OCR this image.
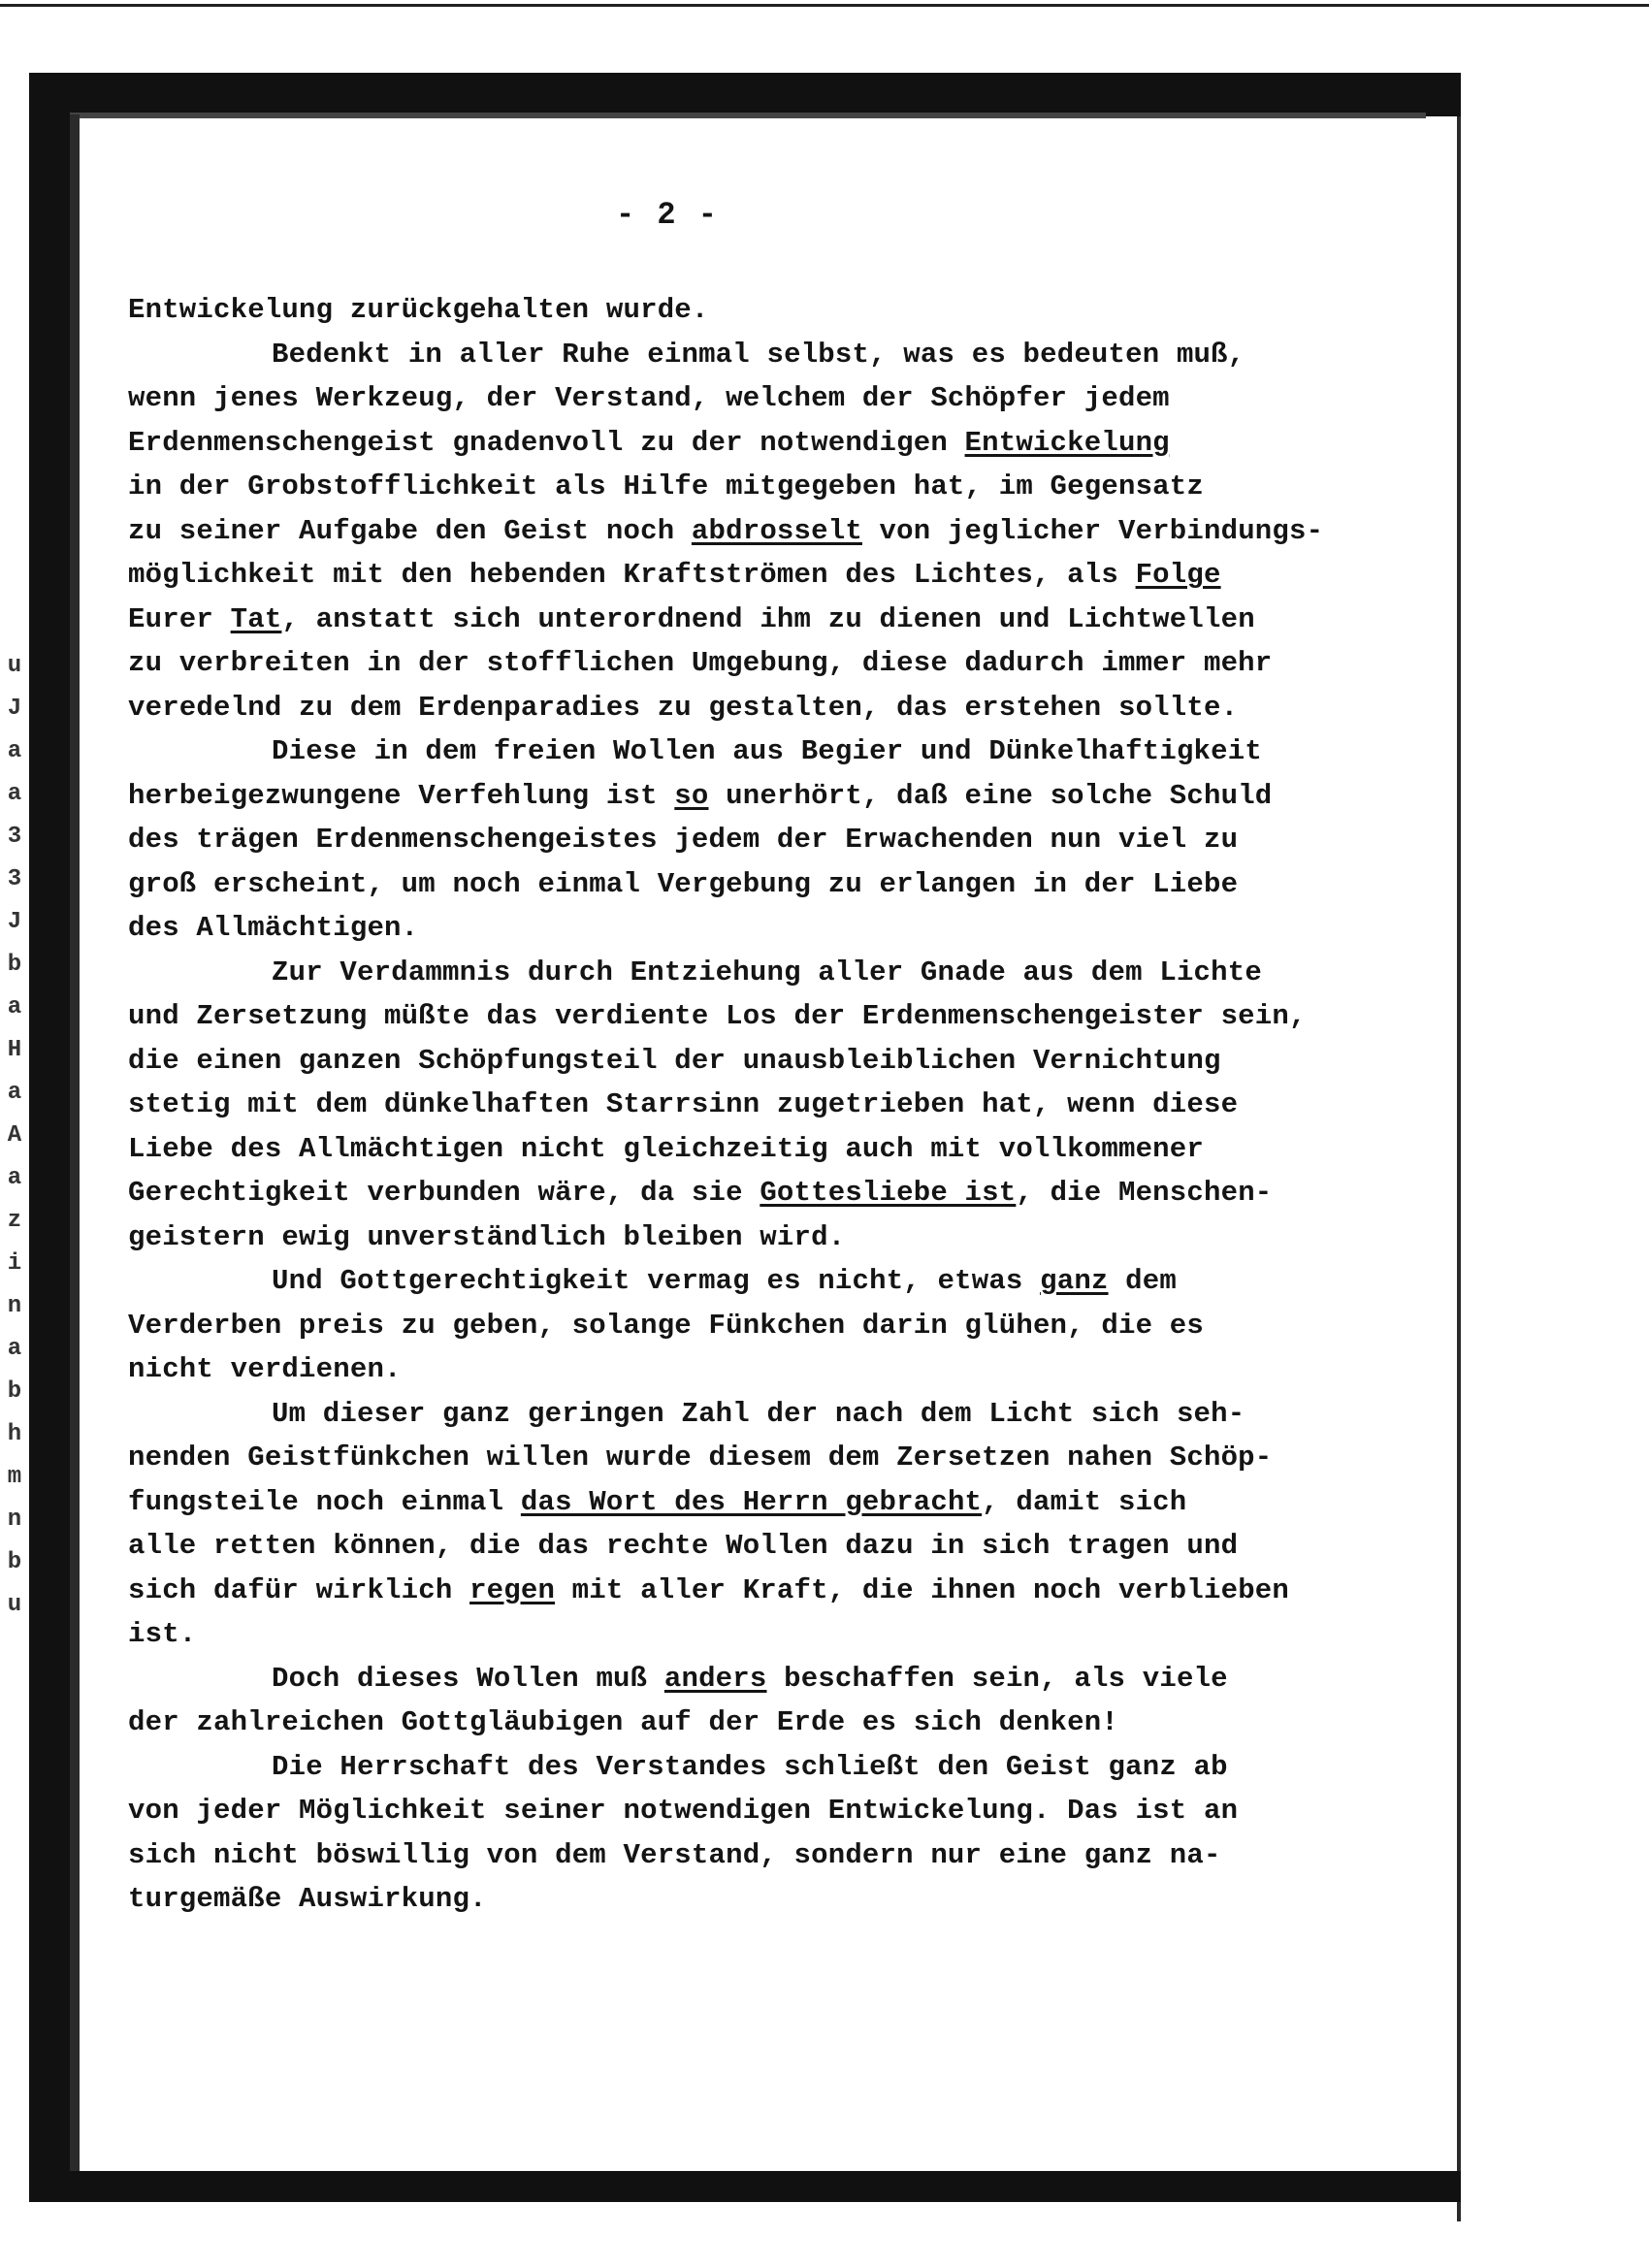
u
J
a
a
3
3
J
b
a
H
a
A
a
z
i
n
a
b
h
m
n
b
u
- 2 -
Entwickelung zurückgehalten wurde.
Bedenkt in aller Ruhe einmal selbst, was es bedeuten muß,
wenn jenes Werkzeug, der Verstand, welchem der Schöpfer jedem
Erdenmenschengeist gnadenvoll zu der notwendigen Entwickelung
in der Grobstofflichkeit als Hilfe mitgegeben hat, im Gegensatz
zu seiner Aufgabe den Geist noch abdrosselt von jeglicher Verbindungs-
möglichkeit mit den hebenden Kraftströmen des Lichtes, als Folge
Eurer Tat, anstatt sich unterordnend ihm zu dienen und Lichtwellen
zu verbreiten in der stofflichen Umgebung, diese dadurch immer mehr
veredelnd zu dem Erdenparadies zu gestalten, das erstehen sollte.
Diese in dem freien Wollen aus Begier und Dünkelhaftigkeit
herbeigezwungene Verfehlung ist so unerhört, daß eine solche Schuld
des trägen Erdenmenschengeistes jedem der Erwachenden nun viel zu
groß erscheint, um noch einmal Vergebung zu erlangen in der Liebe
des Allmächtigen.
Zur Verdammnis durch Entziehung aller Gnade aus dem Lichte
und Zersetzung müßte das verdiente Los der Erdenmenschengeister sein,
die einen ganzen Schöpfungsteil der unausbleiblichen Vernichtung
stetig mit dem dünkelhaften Starrsinn zugetrieben hat, wenn diese
Liebe des Allmächtigen nicht gleichzeitig auch mit vollkommener
Gerechtigkeit verbunden wäre, da sie Gottesliebe ist, die Menschen-
geistern ewig unverständlich bleiben wird.
Und Gottgerechtigkeit vermag es nicht, etwas ganz dem
Verderben preis zu geben, solange Fünkchen darin glühen, die es
nicht verdienen.
Um dieser ganz geringen Zahl der nach dem Licht sich seh-
nenden Geistfünkchen willen wurde diesem dem Zersetzen nahen Schöp-
fungsteile noch einmal das Wort des Herrn gebracht, damit sich
alle retten können, die das rechte Wollen dazu in sich tragen und
sich dafür wirklich regen mit aller Kraft, die ihnen noch verblieben
ist.
Doch dieses Wollen muß anders beschaffen sein, als viele
der zahlreichen Gottgläubigen auf der Erde es sich denken!
Die Herrschaft des Verstandes schließt den Geist ganz ab
von jeder Möglichkeit seiner notwendigen Entwickelung. Das ist an
sich nicht böswillig von dem Verstand, sondern nur eine ganz na-
turgemäße Auswirkung.
